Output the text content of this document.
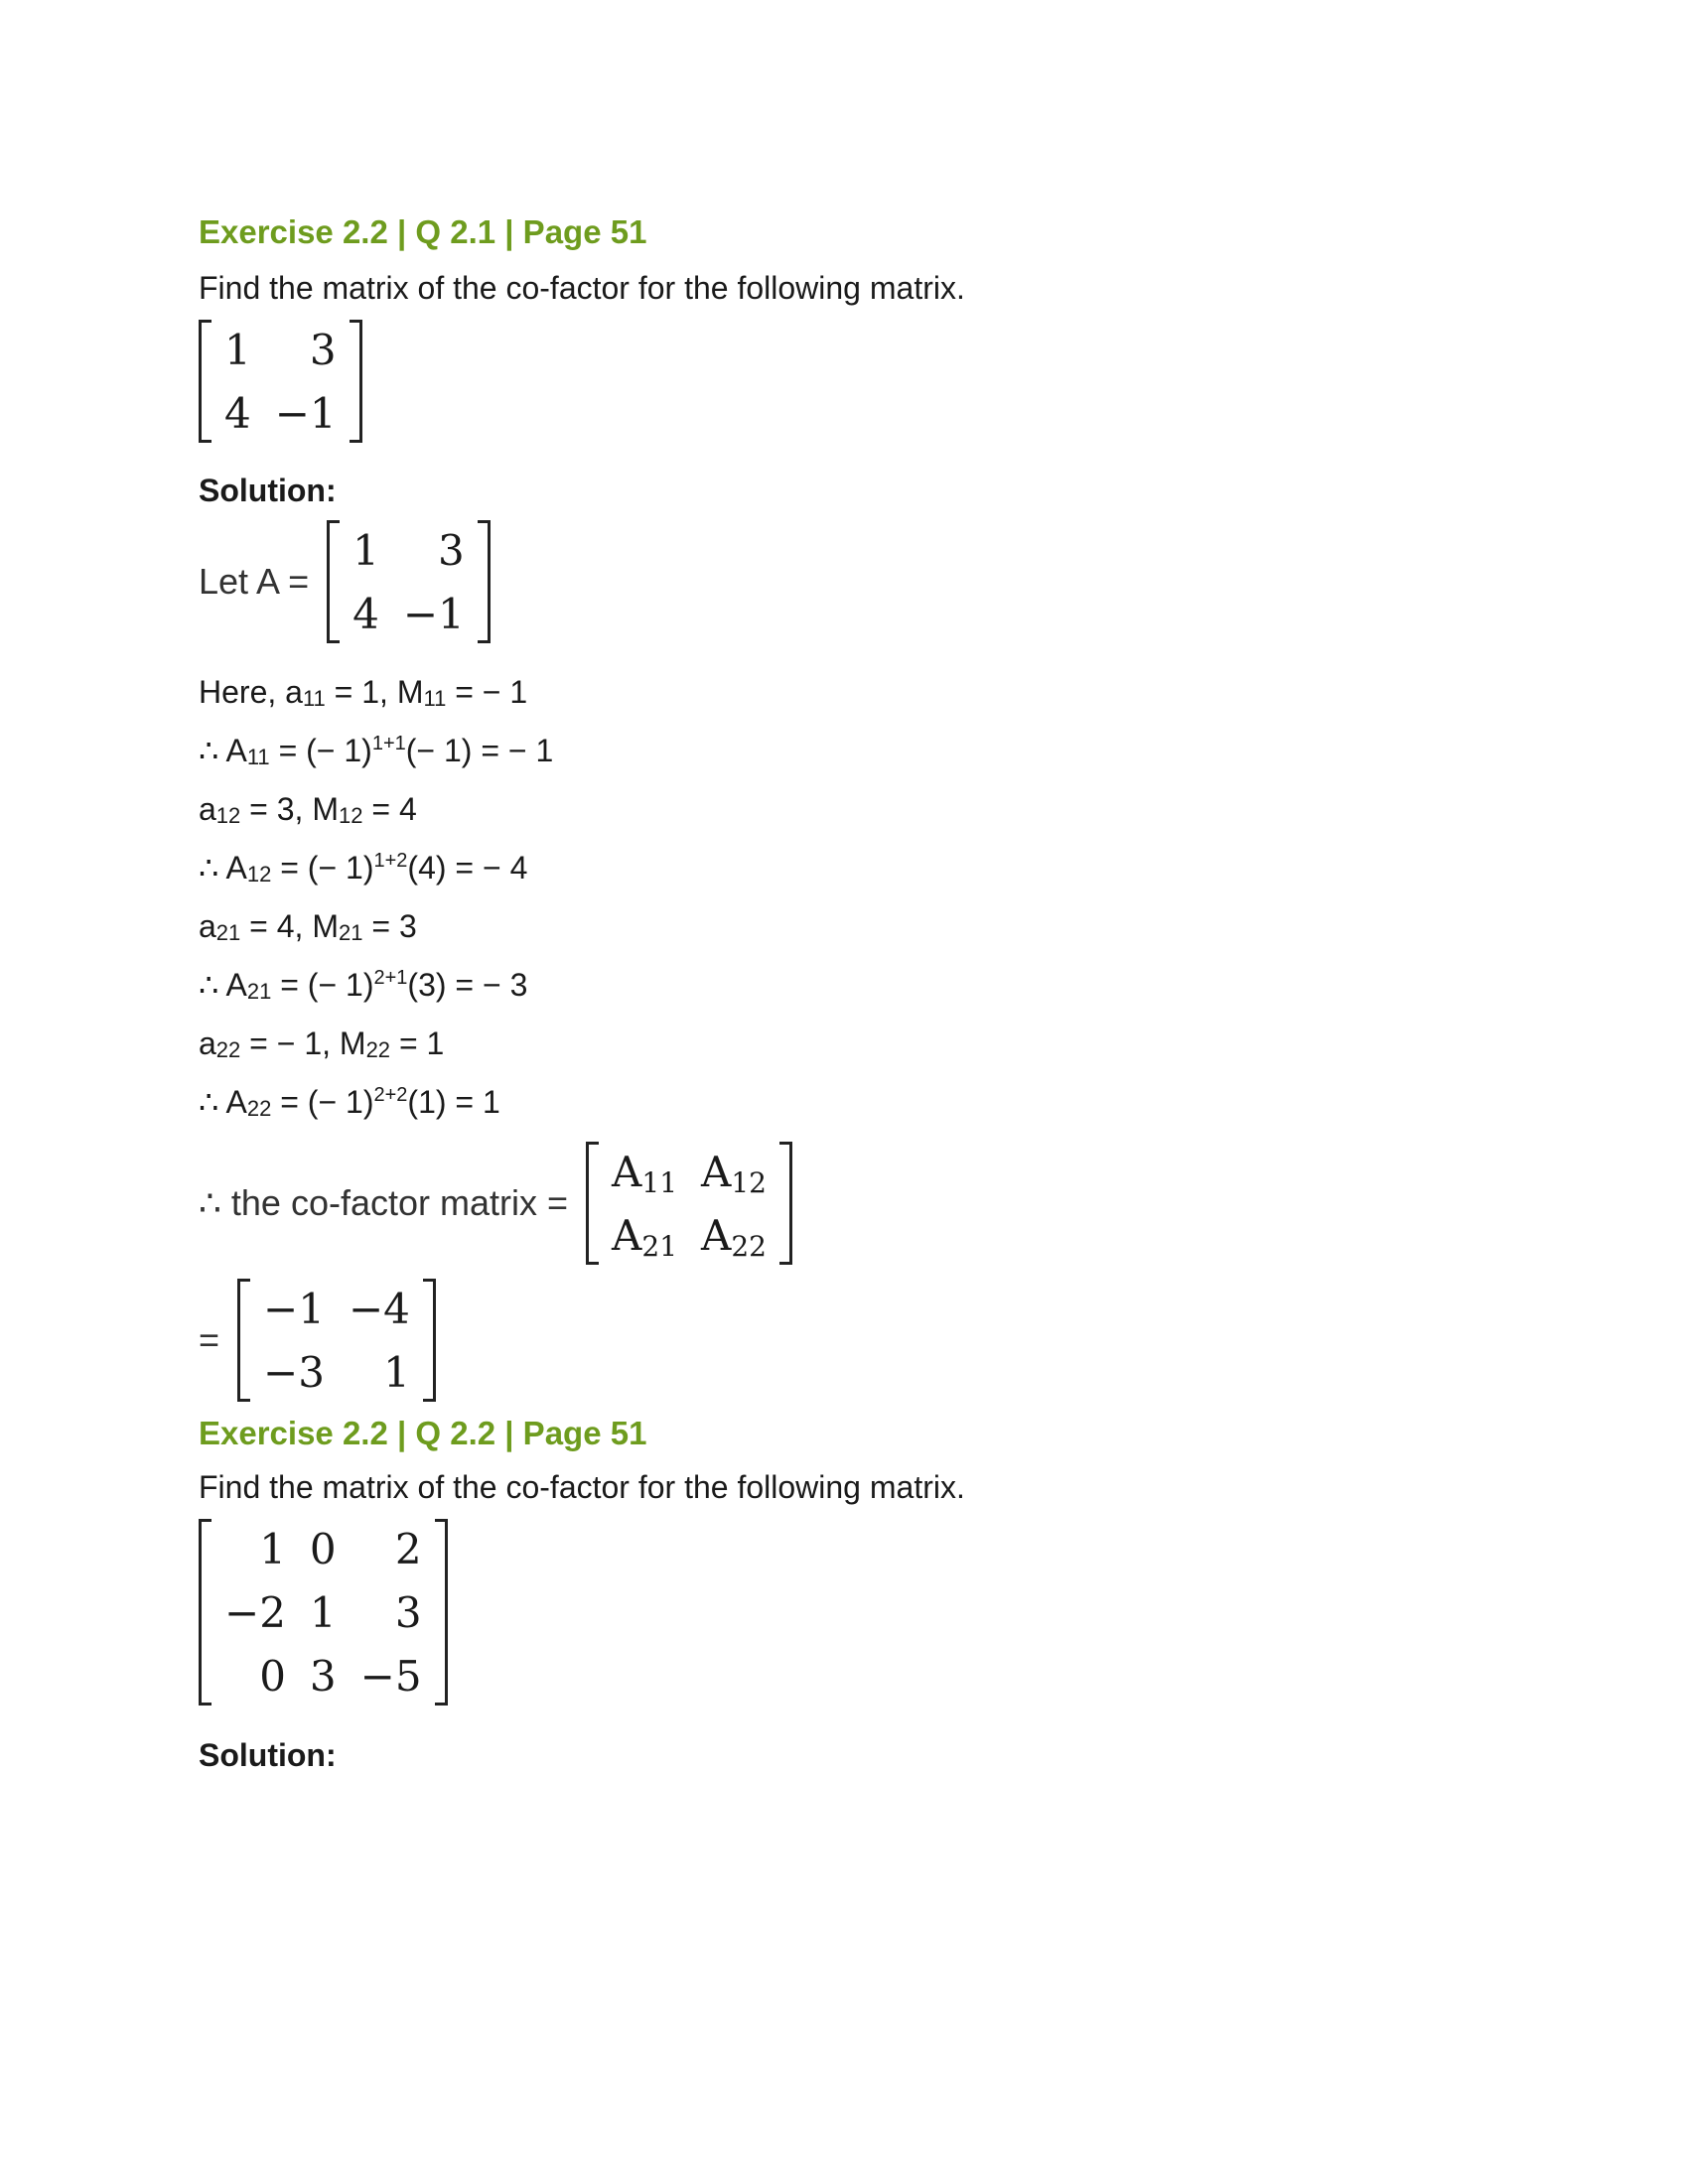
Exercise 2.2 | Q 2.1 | Page 51

Find the matrix of the co-factor for the following matrix.

1	3
4	−1

Solution:

Let A =
1	3
4	−1
Here, $a_{11} = 1$, $M_{11}$ = − 1
∴ $A_{11}$ = (− 1)$^{1+1}$(− 1) = − 1
$a_{12} = 3$, $M_{12} = 4$
∴ $A_{12}$ = (− 1)$^{1+2}$(4) = − 4
$a_{21} = 4$, $M_{21} = 3$
∴ $A_{21}$ = (− 1)$^{2+1}$(3) = − 3
$a_{22}$ = − 1, $M_{22} = 1$
∴ $A_{22}$ = (− 1)$^{2+2}$(1) = 1
∴ the co-factor matrix =
$A_{11}$	$A_{12}$
$A_{21}$	$A_{22}$
=
−1	−4
−3	1

Exercise 2.2 | Q 2.2 | Page 51

Find the matrix of the co-factor for the following matrix.

1	0	2
−2	1	3
0	3	−5

Solution:
